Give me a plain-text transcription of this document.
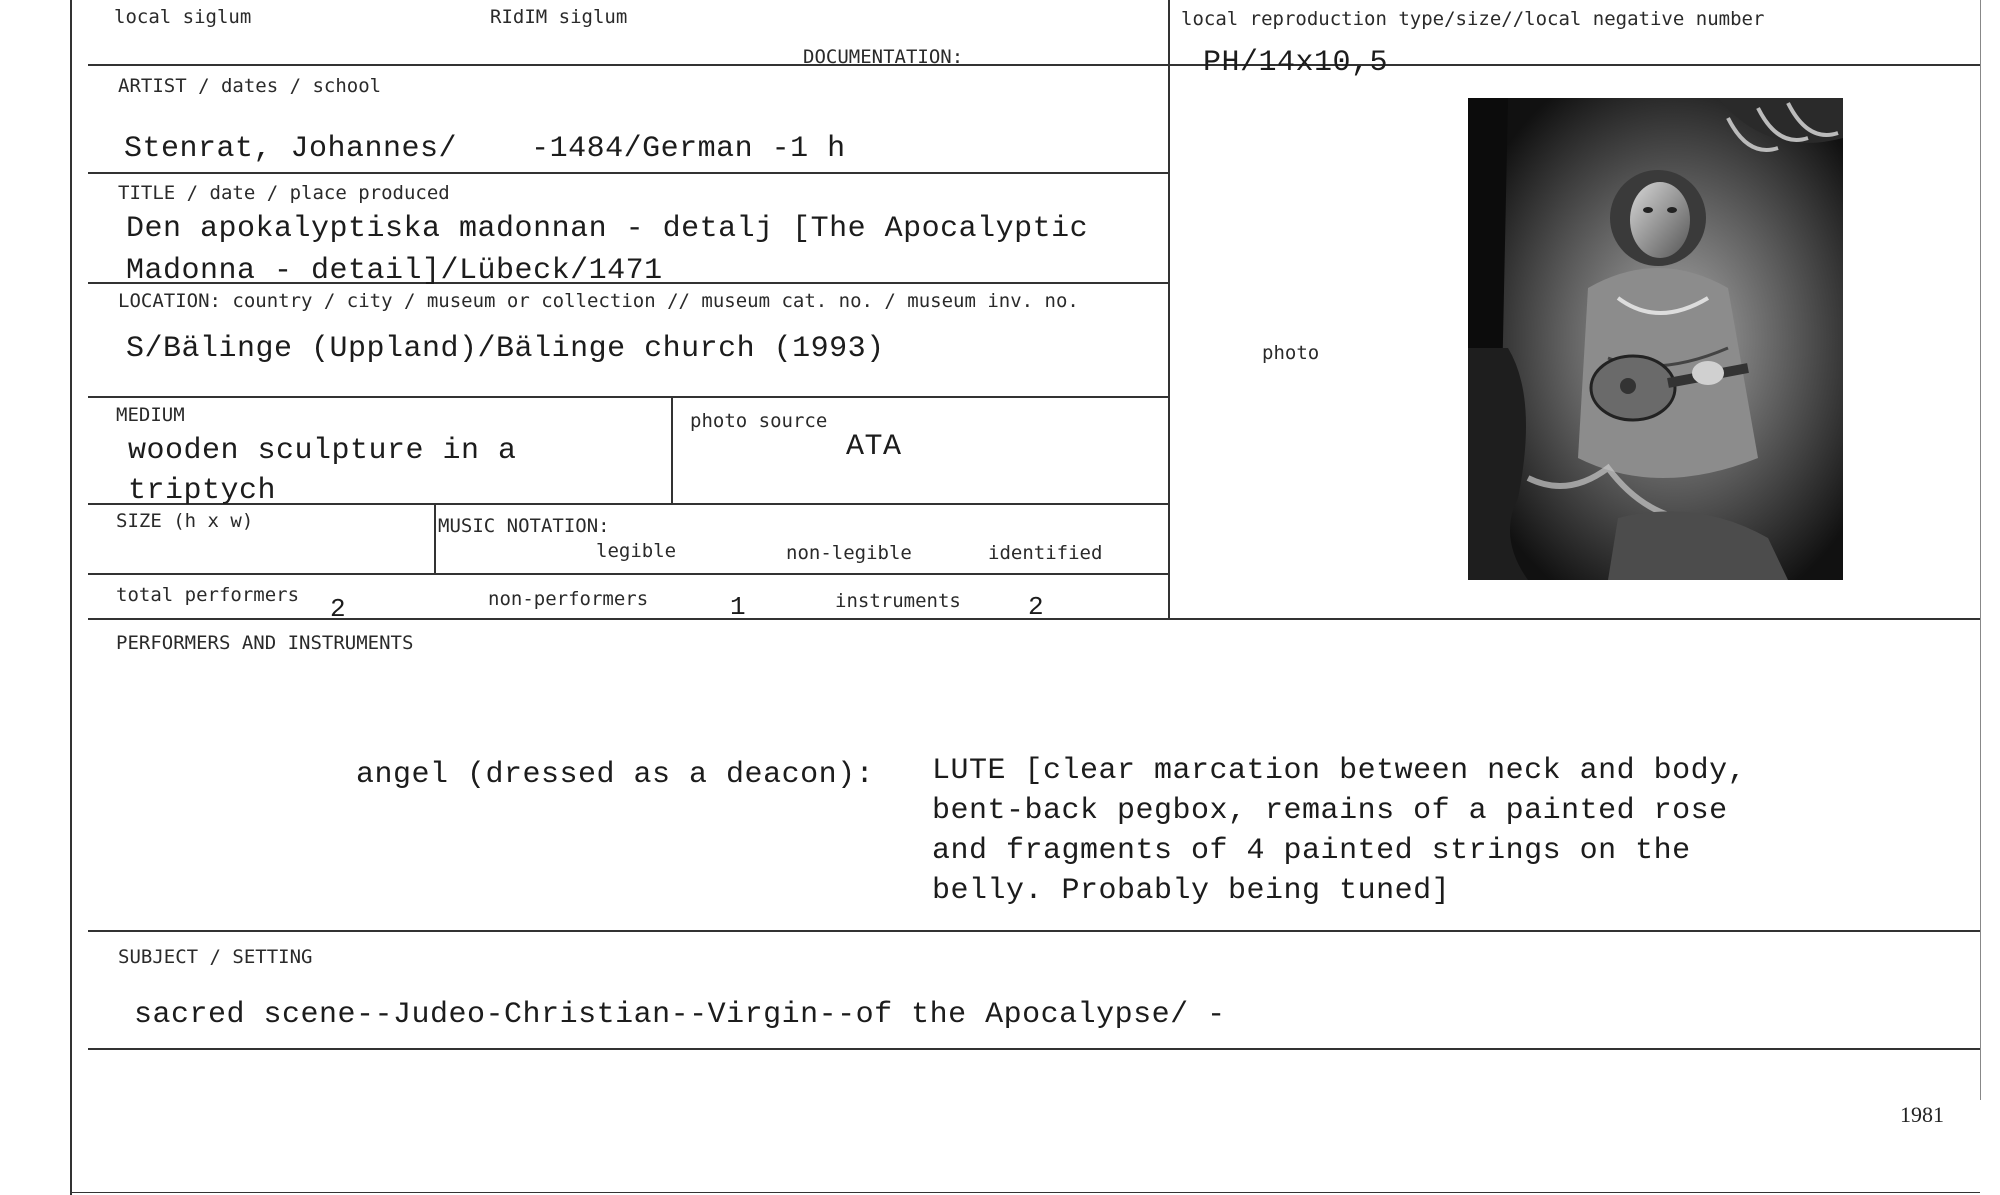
local siglum	RIdIM siglum
DOCUMENTATION:
local reproduction type/size//local negative number
PH/14x10,5
ARTIST / dates / school
Stenrat, Johannes/    -1484/German -1 h
TITLE / date / place produced
Den apokalyptiska madonnan - detalj [The Apocalyptic
Madonna - detail]/Lübeck/1471
LOCATION: country / city / museum or collection // museum cat. no. / museum inv. no.
S/Bälinge (Uppland)/Bälinge church (1993)
MEDIUM
wooden sculpture in a
triptych
photo source
ATA
SIZE (h x w)	MUSIC NOTATION:
legible	non-legible	identified
total performers 2	non-performers	1	instruments	2
photo
PERFORMERS AND INSTRUMENTS
angel (dressed as a deacon): LUTE [clear marcation between neck and body,
bent-back pegbox, remains of a painted rose
and fragments of 4 painted strings on the
belly. Probably being tuned]
SUBJECT / SETTING
sacred scene--Judeo-Christian--Virgin--of the Apocalypse/ -
1981
